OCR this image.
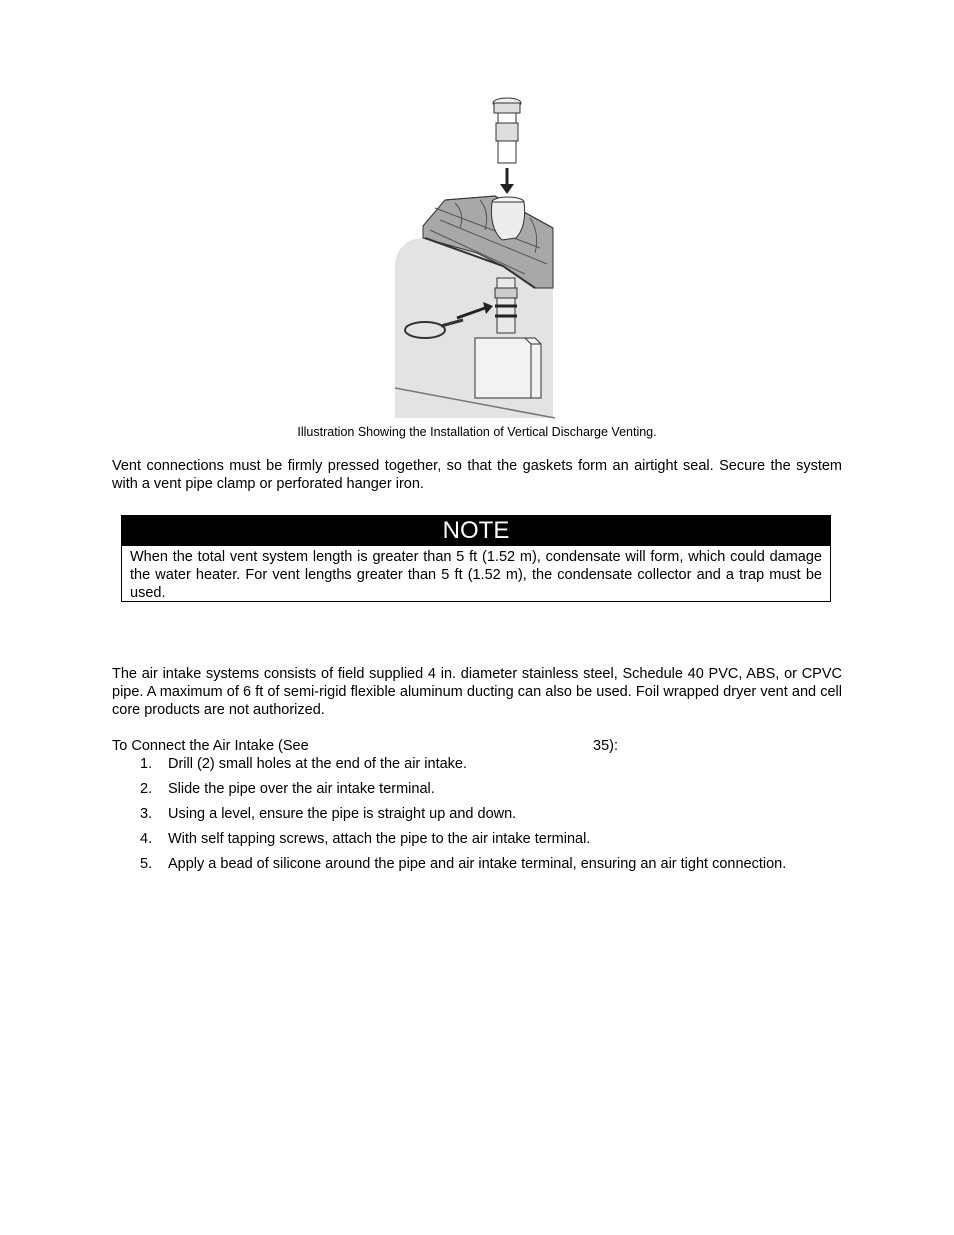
Illustration Showing the Installation of Vertical Discharge Venting.

Vent connections must be firmly pressed together, so that the gaskets form an airtight seal. Secure the system with a vent pipe clamp or perforated hanger iron.

NOTE
When the total vent system length is greater than 5 ft (1.52 m), condensate will form, which could damage the water heater. For vent lengths greater than 5 ft (1.52 m), the condensate collector and a trap must be used.

The air intake systems consists of field supplied 4 in. diameter stainless steel, Schedule 40 PVC, ABS, or CPVC pipe. A maximum of 6 ft of semi-rigid flexible aluminum ducting can also be used. Foil wrapped dryer vent and cell core products are not authorized.

To Connect the Air Intake (See	35):
1.	Drill (2) small holes at the end of the air intake.
2.	Slide the pipe over the air intake terminal.
3.	Using a level, ensure the pipe is straight up and down.
4.	With self tapping screws, attach the pipe to the air intake terminal.
5.	Apply a bead of silicone around the pipe and air intake terminal, ensuring an air tight connection.
